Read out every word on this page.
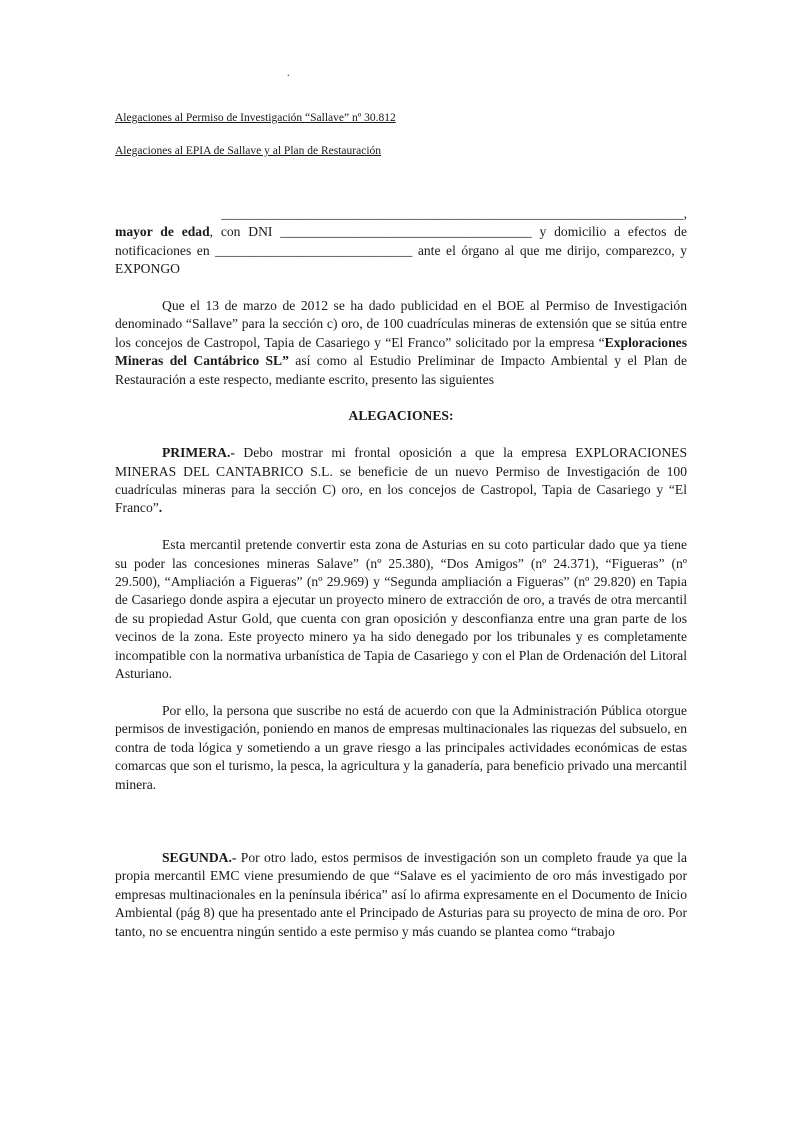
.
Alegaciones al Permiso de Investigación “Sallave” nº 30.812
Alegaciones al EPIA de Sallave y al Plan de Restauración

____________________________________________________________________,

mayor de edad, con DNI _____________________________________ y domicilio a efectos de notificaciones en _____________________________ ante el órgano al que me dirijo, comparezco, y EXPONGO

Que el 13 de marzo de 2012 se ha dado publicidad en el BOE al Permiso de Investigación denominado “Sallave” para la sección c) oro, de 100 cuadrículas mineras de extensión que se sitúa entre los concejos de Castropol, Tapia de Casariego y “El Franco” solicitado por la empresa “Exploraciones Mineras del Cantábrico SL” así como al Estudio Preliminar de Impacto Ambiental y el Plan de Restauración a este respecto, mediante escrito, presento las siguientes

ALEGACIONES:

PRIMERA.- Debo mostrar mi frontal oposición a que la empresa EXPLORACIONES MINERAS DEL CANTABRICO S.L. se beneficie de un nuevo Permiso de Investigación de 100 cuadrículas mineras para la sección C) oro, en los concejos de Castropol, Tapia de Casariego y “El Franco”.

Esta mercantil pretende convertir esta zona de Asturias en su coto particular dado que ya tiene su poder las concesiones mineras Salave” (nº 25.380), “Dos Amigos” (nº 24.371), “Figueras” (nº 29.500), “Ampliación a Figueras” (nº 29.969) y “Segunda ampliación a Figueras” (nº 29.820) en Tapia de Casariego donde aspira a ejecutar un proyecto minero de extracción de oro, a través de otra mercantil de su propiedad Astur Gold, que cuenta con gran oposición y desconfianza entre una gran parte de los vecinos de la zona. Este proyecto minero ya ha sido denegado por los tribunales y es completamente incompatible con la normativa urbanística de Tapia de Casariego y con el Plan de Ordenación del Litoral Asturiano.

Por ello, la persona que suscribe no está de acuerdo con que la Administración Pública otorgue permisos de investigación, poniendo en manos de empresas multinacionales las riquezas del subsuelo, en contra de toda lógica y sometiendo a un grave riesgo a las principales actividades económicas de estas comarcas que son el turismo, la pesca, la agricultura y la ganadería, para beneficio privado una mercantil minera.

SEGUNDA.- Por otro lado, estos permisos de investigación son un completo fraude ya que la propia mercantil EMC viene presumiendo de que “Salave es el yacimiento de oro más investigado por empresas multinacionales en la península ibérica” así lo afirma expresamente en el Documento de Inicio Ambiental (pág 8) que ha presentado ante el Principado de Asturias para su proyecto de mina de oro. Por tanto, no se encuentra ningún sentido a este permiso y más cuando se plantea como “trabajo
